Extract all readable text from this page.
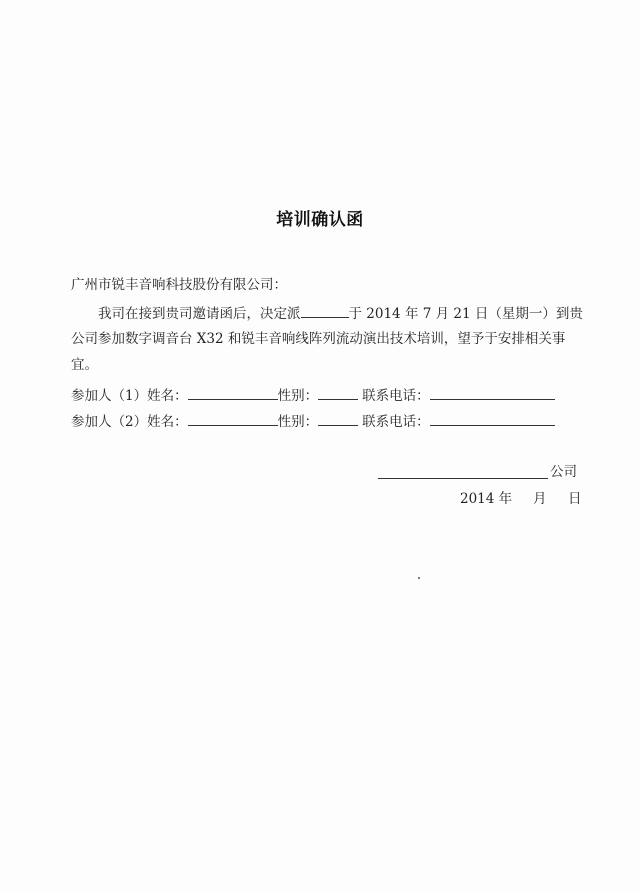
培训确认函
广州市锐丰音响科技股份有限公司：
我司在接到贵司邀请函后，决定派	于 2014 年 7 月 21 日（星期一）到贵
公司参加数字调音台 X32 和锐丰音响线阵列流动演出技术培训，望予于安排相关事
宜。
参加人（1）姓名：	性别：	联系电话：
参加人（2）姓名：	性别：	联系电话：
公司
2014 年 月 日
